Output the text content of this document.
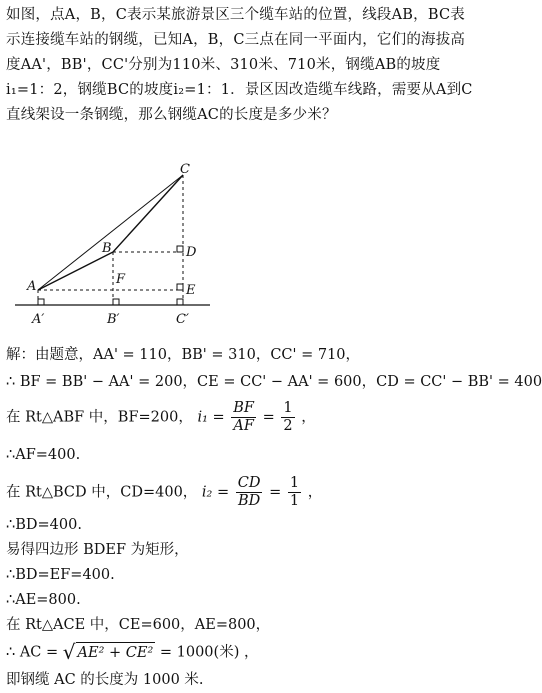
如图，点A，B，C表示某旅游景区三个缆车站的位置，线段AB，BC表示连接缆车站的钢缆，已知A，B，C三点在同一平面内，它们的海拔高度AA'，BB'，CC'分别为110米、310米、710米，钢缆AB的坡度i₁=1：2，钢缆BC的坡度i₂=1：1．景区因改造缆车线路，需要从A到C直线架设一条钢缆，那么钢缆AC的长度是多少米？
C
B
A
D
E
F
A′	B′	C′
解：由题意，AA' = 110，BB' = 310，CC' = 710，
∴ BF = BB' − AA' = 200，CE = CC' − AA' = 600，CD = CC' − BB' = 400
在 Rt△ABF 中，BF=200， $i_1 = \frac{BF}{AF} = \frac{1}{2}$ ，
∴AF=400.
在 Rt△BCD 中，CD=400， $i_2 = \frac{CD}{BD} = \frac{1}{1}$ ，
∴BD=400.
易得四边形 BDEF 为矩形，
∴BD=EF=400.
∴AE=800.
在 Rt△ACE 中，CE=600，AE=800，
∴ AC = √ AE² + CE² = 1000(米) ，
即钢缆 AC 的长度为 1000 米.
